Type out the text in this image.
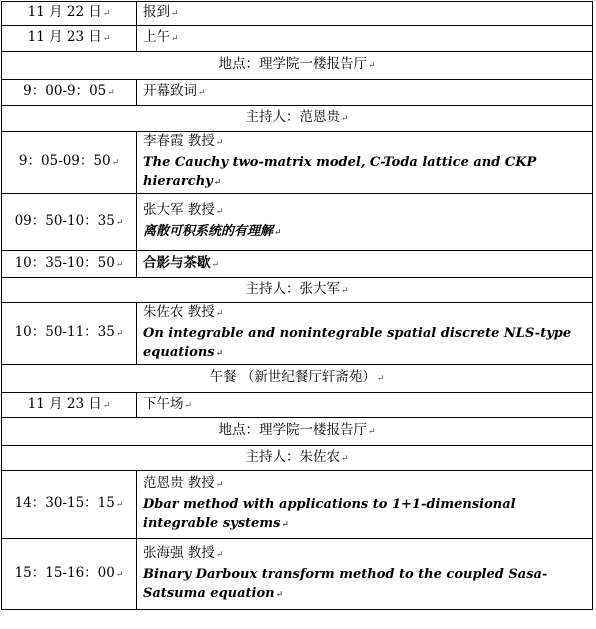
11 月 22 日↵	报到↵
11 月 23 日↵	上午↵
地点：理学院一楼报告厅↵	
9：00-9：05↵	开幕致词↵
主持人：范恩贵↵	
9：05-09：50↵	李春霞 教授↵
The Cauchy two-matrix model, C-Toda lattice and CKP hierarchy↵

09：50-10：35↵	张大军 教授↵
离散可积系统的有理解↵

10：35-10：50↵	合影与茶歇↵
主持人：张大军↵	
10：50-11：35↵	朱佐农 教授↵
On integrable and nonintegrable spatial discrete NLS-type equations↵

午餐 （新世纪餐厅轩斋苑）↵	
11 月 23 日↵	下午场↵
地点：理学院一楼报告厅↵	
主持人：朱佐农↵	
14：30-15：15↵	范恩贵 教授↵
Dbar method with applications to 1+1-dimensional integrable systems↵

15：15-16：00↵	张海强 教授↵
Binary Darboux transform method to the coupled Sasa-Satsuma equation↵
